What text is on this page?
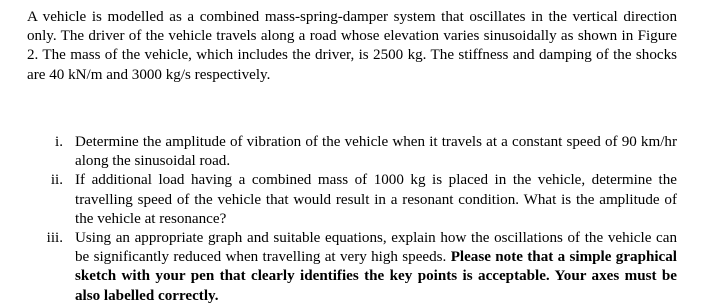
A vehicle is modelled as a combined mass-spring-damper system that oscillates in the vertical direction only. The driver of the vehicle travels along a road whose elevation varies sinusoidally as shown in Figure 2. The mass of the vehicle, which includes the driver, is 2500 kg. The stiffness and damping of the shocks are 40 kN/m and 3000 kg/s respectively.

i. Determine the amplitude of vibration of the vehicle when it travels at a constant speed of 90 km/hr along the sinusoidal road.
ii. If additional load having a combined mass of 1000 kg is placed in the vehicle, determine the travelling speed of the vehicle that would result in a resonant condition. What is the amplitude of the vehicle at resonance?
iii. Using an appropriate graph and suitable equations, explain how the oscillations of the vehicle can be significantly reduced when travelling at very high speeds. Please note that a simple graphical sketch with your pen that clearly identifies the key points is acceptable. Your axes must be also labelled correctly.
